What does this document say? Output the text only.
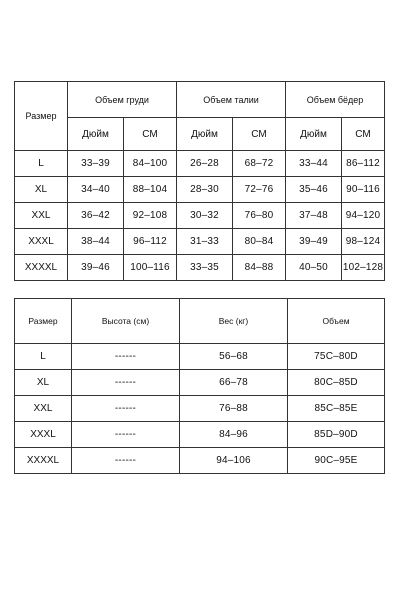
Размер	Объем груди		Объем талии		Объем бёдер	
	Дюйм	СМ	Дюйм	СМ	Дюйм	СМ
L	33–39	84–100	26–28	68–72	33–44	86–112
XL	34–40	88–104	28–30	72–76	35–46	90–116
XXL	36–42	92–108	30–32	76–80	37–48	94–120
XXXL	38–44	96–112	31–33	80–84	39–49	98–124
XXXXL	39–46	100–116	33–35	84–88	40–50	102–128
Размер	Высота (см)	Вес (кг)	Объем
L	------	56–68	75C–80D
XL	------	66–78	80C–85D
XXL	------	76–88	85C–85E
XXXL	------	84–96	85D–90D
XXXXL	------	94–106	90C–95E
